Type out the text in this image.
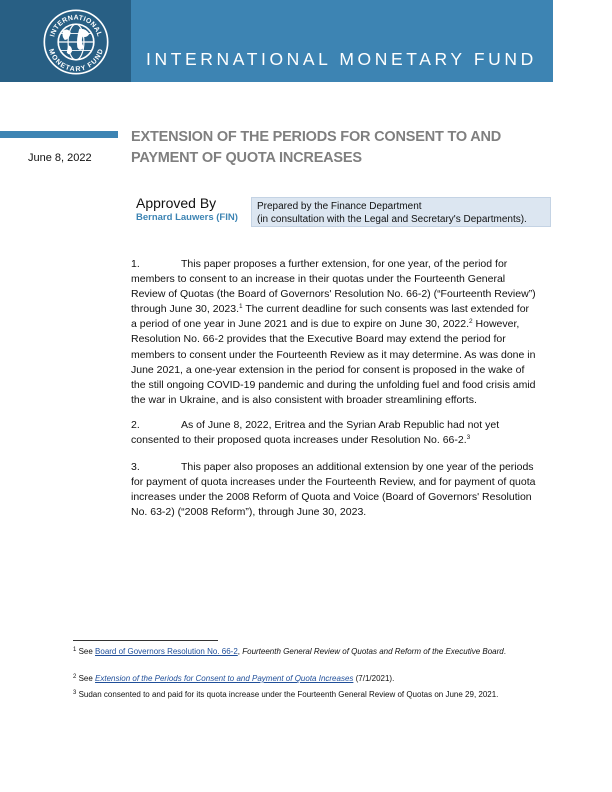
INTERNATIONAL
MONETARY FUND INTERNATIONAL MONETARY FUND
June 8, 2022
EXTENSION OF THE PERIODS FOR CONSENT TO AND
PAYMENT OF QUOTA INCREASES
Approved By
Bernard Lauwers (FIN)
Prepared by the Finance Department
(in consultation with the Legal and Secretary's Departments).

1.	This paper proposes a further extension, for one year, of the period for members to consent to an increase in their quotas under the Fourteenth General Review of Quotas (the Board of Governors' Resolution No. 66-2) (“Fourteenth Review”) through June 30, 2023.$^1$ The current deadline for such consents was last extended for a period of one year in June 2021 and is due to expire on June 30, 2022.$^2$ However, Resolution No. 66-2 provides that the Executive Board may extend the period for members to consent under the Fourteenth Review as it may determine. As was done in June 2021, a one-year extension in the period for consent is proposed in the wake of the still ongoing COVID-19 pandemic and during the unfolding fuel and food crisis amid the war in Ukraine, and is also consistent with broader streamlining efforts.

2.	As of June 8, 2022, Eritrea and the Syrian Arab Republic had not yet consented to their proposed quota increases under Resolution No. 66-2.$^3$

3.	This paper also proposes an additional extension by one year of the periods for payment of quota increases under the Fourteenth Review, and for payment of quota increases under the 2008 Reform of Quota and Voice (Board of Governors' Resolution No. 63-2) (“2008 Reform”), through June 30, 2023.

$^1$ See Board of Governors Resolution No. 66-2, Fourteenth General Review of Quotas and Reform of the Executive Board.

$^2$ See Extension of the Periods for Consent to and Payment of Quota Increases (7/1/2021).

$^3$ Sudan consented to and paid for its quota increase under the Fourteenth General Review of Quotas on June 29, 2021.
